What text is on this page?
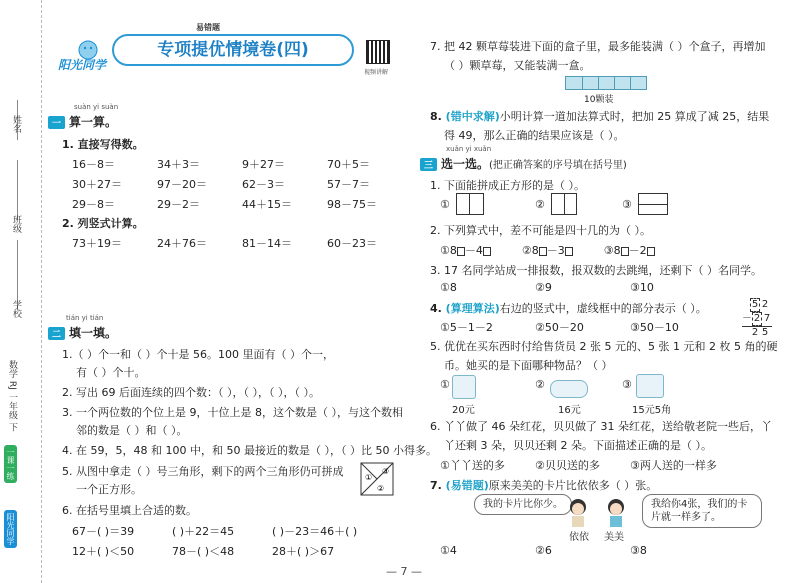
姓名
班级
学校
阳光同学
一课一练
数学 RJ 一年级 下
阳光同学
易错题
专项提优情境卷(四)
视频讲解
suàn yi suàn
一 算一算。
1. 直接写得数。
16－8＝	34＋3＝	9＋27＝	70＋5＝
30＋27＝	97－20＝	62－3＝	57－7＝
29－8＝	29－2＝	44＋15＝	98－75＝
2. 列竖式计算。
73＋19＝	24＋76＝	81－14＝	60－23＝
tián yi tián
二 填一填。
1.（ ）个一和（ ）个十是 56。100 里面有（ ）个一，
有（ ）个十。
2. 写出 69 后面连续的四个数：（ ），（ ），（ ），（ ）。
3. 一个两位数的个位上是 9，十位上是 8，这个数是（ ），与这个数相
邻的数是（ ）和（ ）。
4. 在 59，5，48 和 100 中，和 50 最接近的数是（ ），（ ）比 50 小得多。
5. 从图中拿走（ ）号三角形，剩下的两个三角形仍可拼成
一个正方形。
③
①
②
6. 在括号里填上合适的数。
67－( )＝39	( )＋22＝45	( )－23＝46＋( )
12＋( )＜50	78－( )＜48	28＋( )＞67
7. 把 42 颗草莓装进下面的盒子里，最多能装满（ ）个盒子，再增加
（ ）颗草莓，又能装满一盒。
10颗装
8. (错中求解)小明计算一道加法算式时，把加 25 算成了减 25，结果
得 49，那么正确的结果应该是（ ）。
xuǎn yi xuǎn
三 选一选。(把正确答案的序号填在括号里)
1. 下面能拼成正方形的是（ ）。
①	②	③
2. 下列算式中，差不可能是四十几的为（ ）。
①8 －4	②8 －3	③8 －2
3. 17 名同学站成一排报数，报双数的去跳绳，还剩下（ ）名同学。
①8	②9	③10
4. (算理算法)右边的竖式中，虚线框中的部分表示（ ）。
①5－1－2	②50－20	③50－10
5 2
－ 2 7
2 5
5. 优优在买东西时付给售货员 2 张 5 元的、5 张 1 元和 2 枚 5 角的硬
币。她买的是下面哪种物品？（ ）
①
20元
②
16元
③
15元5角
6. 丫丫做了 46 朵红花，贝贝做了 31 朵红花，送给敬老院一些后，丫
丫还剩 3 朵，贝贝还剩 2 朵。下面描述正确的是（ ）。
①丫丫送的多	②贝贝送的多	③两人送的一样多
7. (易错题)原来美美的卡片比依依多（ ）张。
我的卡片比你少。	我给你4张，我们的卡片就一样多了。
依依 美美
①4	②6	③8
— 7 —
